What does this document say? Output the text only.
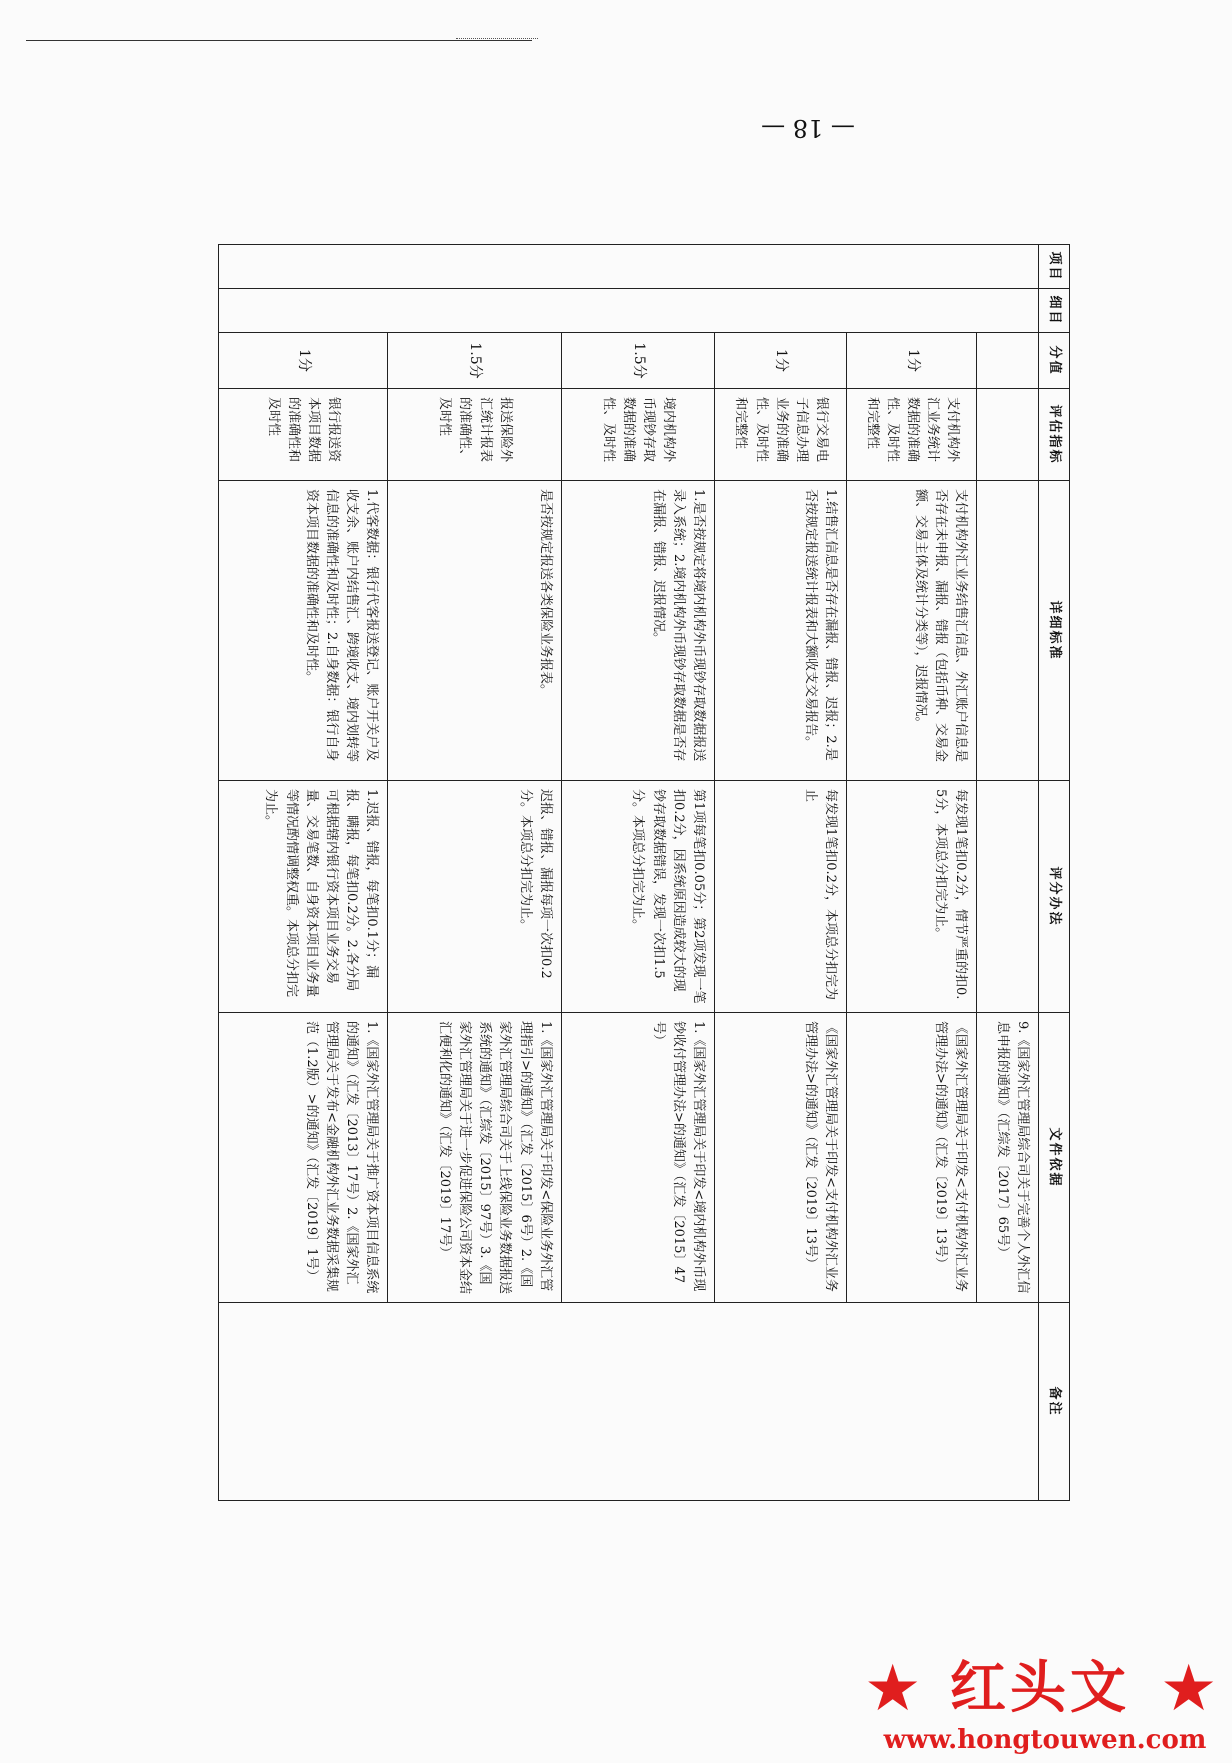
— 18 —
项目	细目	分值	评估指标	详细标准	评分办法	文件依据	备注
						9.《国家外汇管理局综合司关于完善个人外汇信息申报的通知》（汇综发〔2017〕65号）	
		1分	支付机构外汇业务统计数据的准确性、及时性和完整性	支付机构外汇业务结售汇信息、外汇账户信息是否存在未申报、漏报、错报（包括币种、交易金额、交易主体及统计分类等），迟报情况。	每发现1笔扣0.2分，情节严重的扣0.5分，本项总分扣完为止。	《国家外汇管理局关于印发<支付机构外汇业务管理办法>的通知》（汇发〔2019〕13号）	
		1分	银行交易电子信息办理业务的准确性、及时性和完整性	1.结售汇信息是否存在漏报、错报、迟报；2.是否按规定报送统计报表和大额收支交易报告。	每发现1笔扣0.2分，本项总分扣完为止	《国家外汇管理局关于印发<支付机构外汇业务管理办法>的通知》（汇发〔2019〕13号）	
		1.5分	境内机构外币现钞存取数据的准确性、及时性	1.是否按规定将境内机构外币现钞存取数据报送录入系统；2.境内机构外币现钞存取数据是否存在漏报、错报、迟报情况。	第1项每笔扣0.05分；第2项发现一笔扣0.2分，因系统原因造成较大的现钞存取数据错误，发现一次扣1.5分。本项总分扣完为止。	1.《国家外汇管理局关于印发<境内机构外币现钞收付管理办法>的通知》（汇发〔2015〕47号）	
		1.5分	报送保险外汇统计报表的准确性、及时性	是否按规定报送各类保险业务报表。	迟报、错报、漏报每项一次扣0.2分。本项总分扣完为止。	1.《国家外汇管理局关于印发<保险业务外汇管理指引>的通知》（汇发〔2015〕6号）2.《国家外汇管理局综合司关于上线保险业务数据报送系统的通知》（汇综发〔2015〕97号）3.《国家外汇管理局关于进一步促进保险公司资本金结汇便利化的通知》（汇发〔2019〕17号）	
		1分	银行报送资本项目数据的准确性和及时性	1.代客数据：银行代客报送登记、账户开关户及收支余、账户内结售汇、跨境收支、境内划转等信息的准确性和及时性；2.自身数据：银行自身资本项目数据的准确性和及时性。	1.迟报、错报，每笔扣0.1分；漏报、瞒报，每笔扣0.2分。2.各分局可根据辖内银行资本项目业务交易量、交易笔数、自身资本项目业务量等情况酌情调整权重。本项总分扣完为止。	1.《国家外汇管理局关于推广资本项目信息系统的通知》（汇发〔2013〕17号）2.《国家外汇管理局关于发布<金融机构外汇业务数据采集规范（1.2版）>的通知》（汇发〔2019〕1号）	
★ 红头文 ★
www.hongtouwen.com
